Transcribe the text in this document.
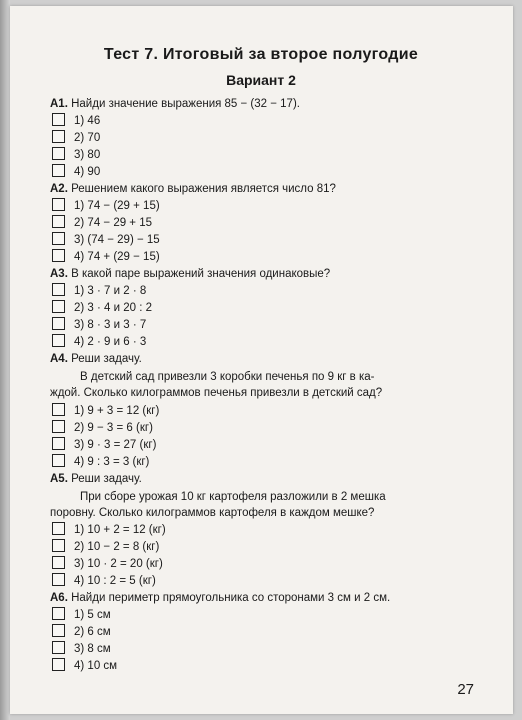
Тест 7. Итоговый за второе полугодие
Вариант 2
А1. Найди значение выражения 85 − (32 − 17).
1) 46
2) 70
3) 80
4) 90
А2. Решением какого выражения является число 81?
1) 74 − (29 + 15)
2) 74 − 29 + 15
3) (74 − 29) − 15
4) 74 + (29 − 15)
А3. В какой паре выражений значения одинаковые?
1) 3 · 7 и 2 · 8
2) 3 · 4 и 20 : 2
3) 8 · 3 и 3 · 7
4) 2 · 9 и 6 · 3
А4. Реши задачу.
В детский сад привезли 3 коробки печенья по 9 кг в ка-
ждой. Сколько килограммов печенья привезли в детский сад?
1) 9 + 3 = 12 (кг)
2) 9 − 3 = 6 (кг)
3) 9 · 3 = 27 (кг)
4) 9 : 3 = 3 (кг)
А5. Реши задачу.
При сборе урожая 10 кг картофеля разложили в 2 мешка
поровну. Сколько килограммов картофеля в каждом мешке?
1) 10 + 2 = 12 (кг)
2) 10 − 2 = 8 (кг)
3) 10 · 2 = 20 (кг)
4) 10 : 2 = 5 (кг)
А6. Найди периметр прямоугольника со сторонами 3 см и 2 см.
1) 5 см
2) 6 см
3) 8 см
4) 10 см
27
